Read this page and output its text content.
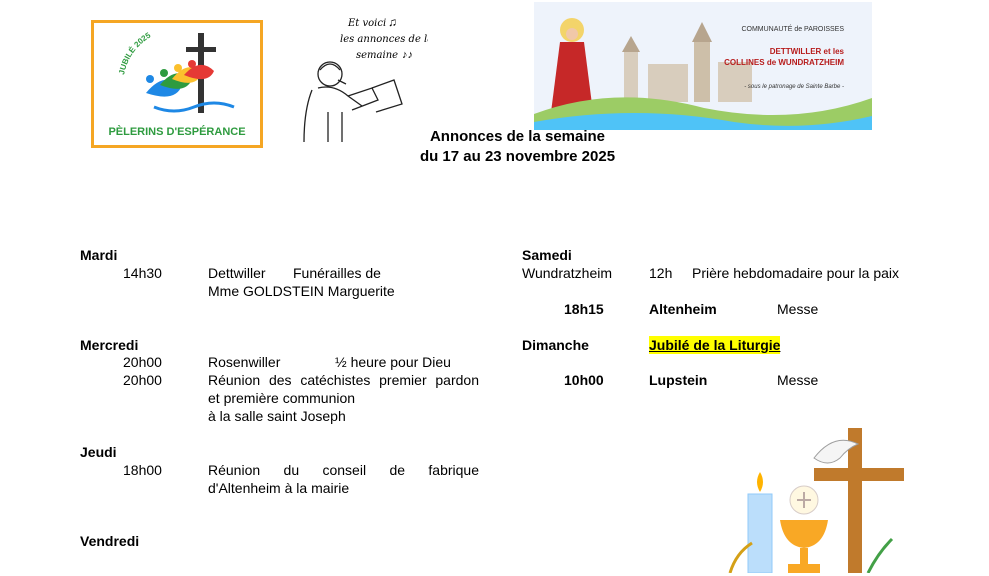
JUBILÉ 2025
PÈLERINS D'ESPÉRANCE
Et voici ♫
les annonces de la
semaine ♪♪
COMMUNAUTÉ de PAROISSES
DETTWILLER et les
COLLINES de WUNDRATZHEIM
- sous le patronage de Sainte Barbe -
Annonces de la semaine
du 17 au 23 novembre 2025
Mardi
14h30	Dettwiller Funérailles de
Mme GOLDSTEIN Marguerite
Mercredi
20h00	Rosenwiller	½ heure pour Dieu
20h00	Réunion des catéchistes premier pardon
et première communion
à la salle saint Joseph
Jeudi
18h00	Réunion du conseil de fabrique
d'Altenheim à la mairie
Vendredi
Samedi
Wundratzheim	12h Prière hebdomadaire pour la paix
18h15	Altenheim	Messe
Dimanche	Jubilé de la Liturgie
10h00	Lupstein	Messe
